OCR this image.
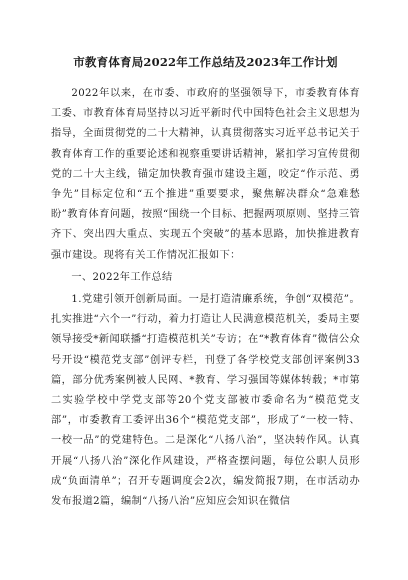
市教育体育局2022年工作总结及2023年工作计划

2022年以来，在市委、市政府的坚强领导下，市委教育体育工委、市教育体育局坚持以习近平新时代中国特色社会主义思想为指导，全面贯彻党的二十大精神，认真贯彻落实习近平总书记关于教育体育工作的重要论述和视察重要讲话精神，紧扣学习宣传贯彻党的二十大主线，锚定加快教育强市建设主题，咬定“作示范、勇争先”目标定位和“五个推进”重要要求，聚焦解决群众“急难愁盼”教育体育问题，按照“围绕一个目标、把握两项原则、坚持三管齐下、突出四大重点、实现五个突破”的基本思路，加快推进教育强市建设。现将有关工作情况汇报如下：

一、2022年工作总结

1.党建引领开创新局面。一是打造清廉系统，争创“双模范”。扎实推进“六个一”行动，着力打造让人民满意模范机关，委局主要领导接受*新闻联播“打造模范机关”专访；在“*教育体育”微信公众号开设“模范党支部”创评专栏，刊登了各学校党支部创评案例33篇，部分优秀案例被人民网、*教育、学习强国等媒体转载；*市第二实验学校中学党支部等20个党支部被市委命名为“模范党支部”，市委教育工委评出36个“模范党支部”，形成了“一校一特、一校一品”的党建特色。二是深化“八扬八治”，坚决转作风。认真开展“八扬八治”深化作风建设，严格查摆问题，每位公职人员形成“负面清单”；召开专题调度会2次，编发简报7期，在市活动办发布报道2篇，编制“八扬八治”应知应会知识在微信
